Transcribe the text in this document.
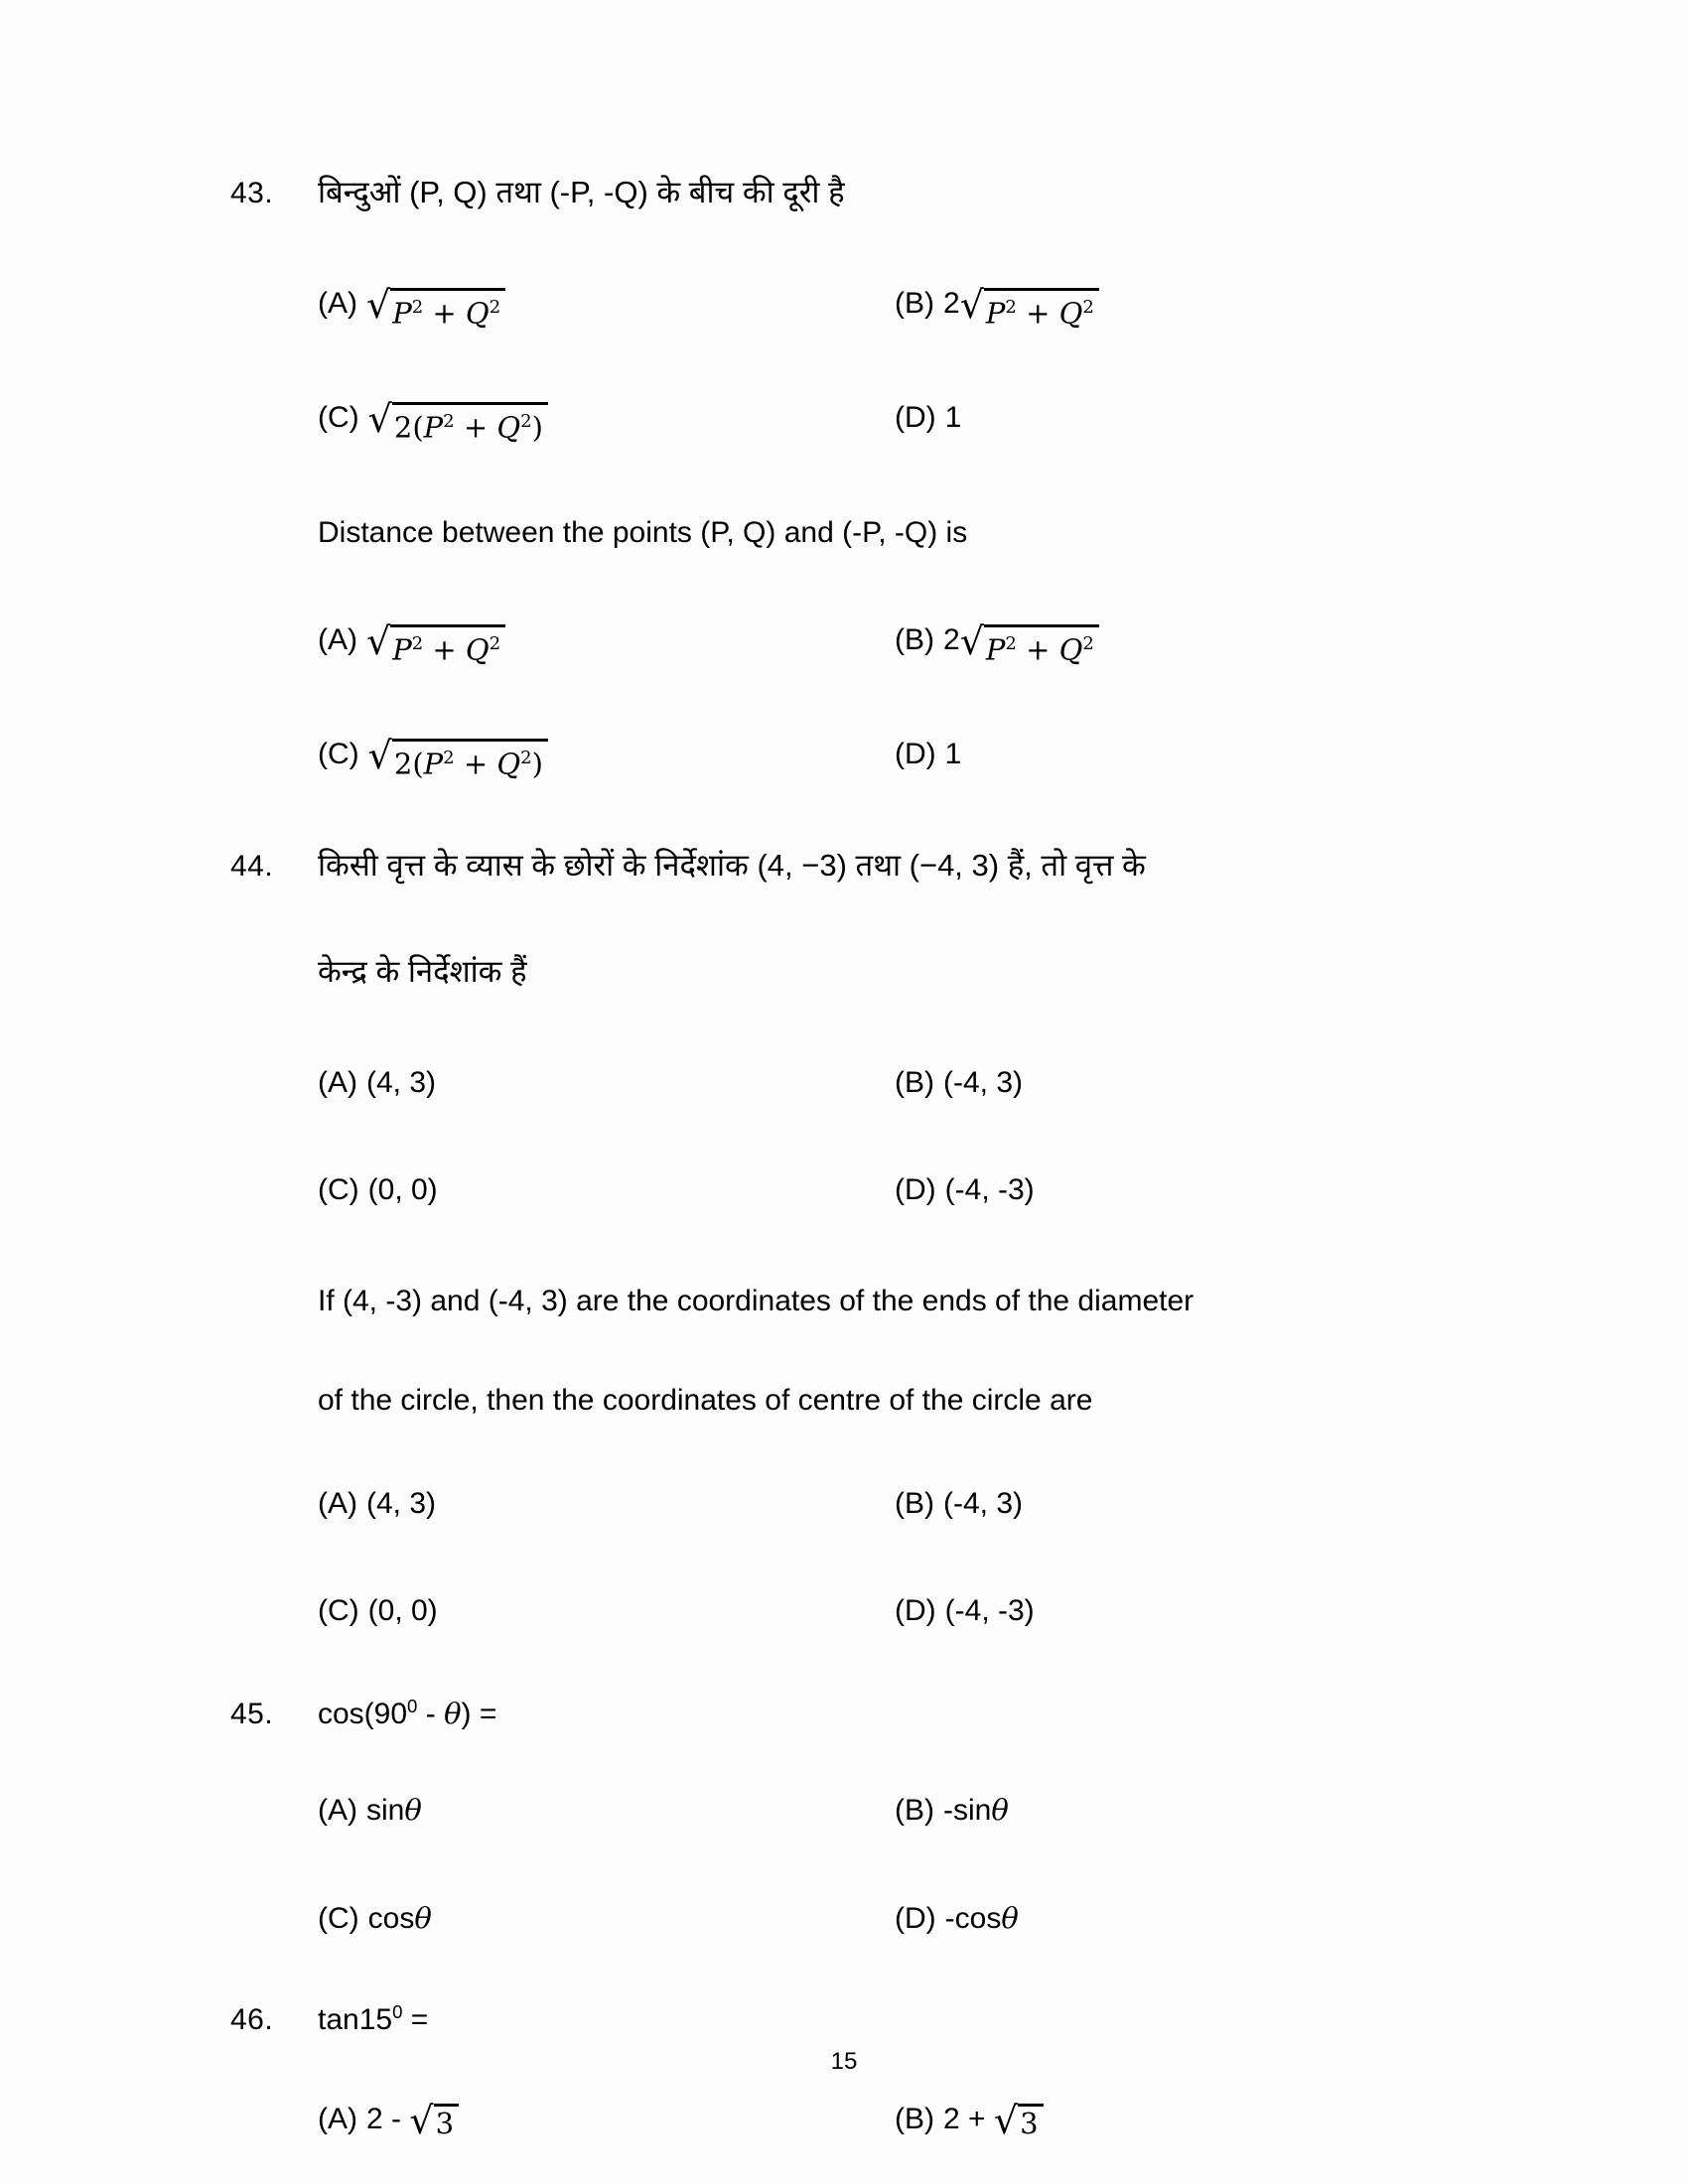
43.	बिन्दुओं (P, Q) तथा (-P, -Q) के बीच की दूरी है
(A) √ $P^2 + Q^2$	(B) 2 √ $P^2 + Q^2$
(C) √ $2(P^2 + Q^2)$	(D) 1
Distance between the points (P, Q) and (-P, -Q) is
(A) √ $P^2 + Q^2$	(B) 2 √ $P^2 + Q^2$
(C) √ $2(P^2 + Q^2)$	(D) 1
44.	किसी वृत्त के व्यास के छोरों के निर्देशांक (4, −3) तथा (−4, 3) हैं, तो वृत्त के
केन्द्र के निर्देशांक हैं
(A) (4, 3)	(B) (-4, 3)
(C) (0, 0)	(D) (-4, -3)
If (4, -3) and (-4, 3) are the coordinates of the ends of the diameter
of the circle, then the coordinates of centre of the circle are
(A) (4, 3)	(B) (-4, 3)
(C) (0, 0)	(D) (-4, -3)
45.	$\cos(90^0 - \theta)$ =
(A) sinθ	(B) -sinθ
(C) cosθ	(D) -cosθ
46.	$\tan 15^0$ =
(A) 2 - √ 3	(B) 2 + √ 3
15
